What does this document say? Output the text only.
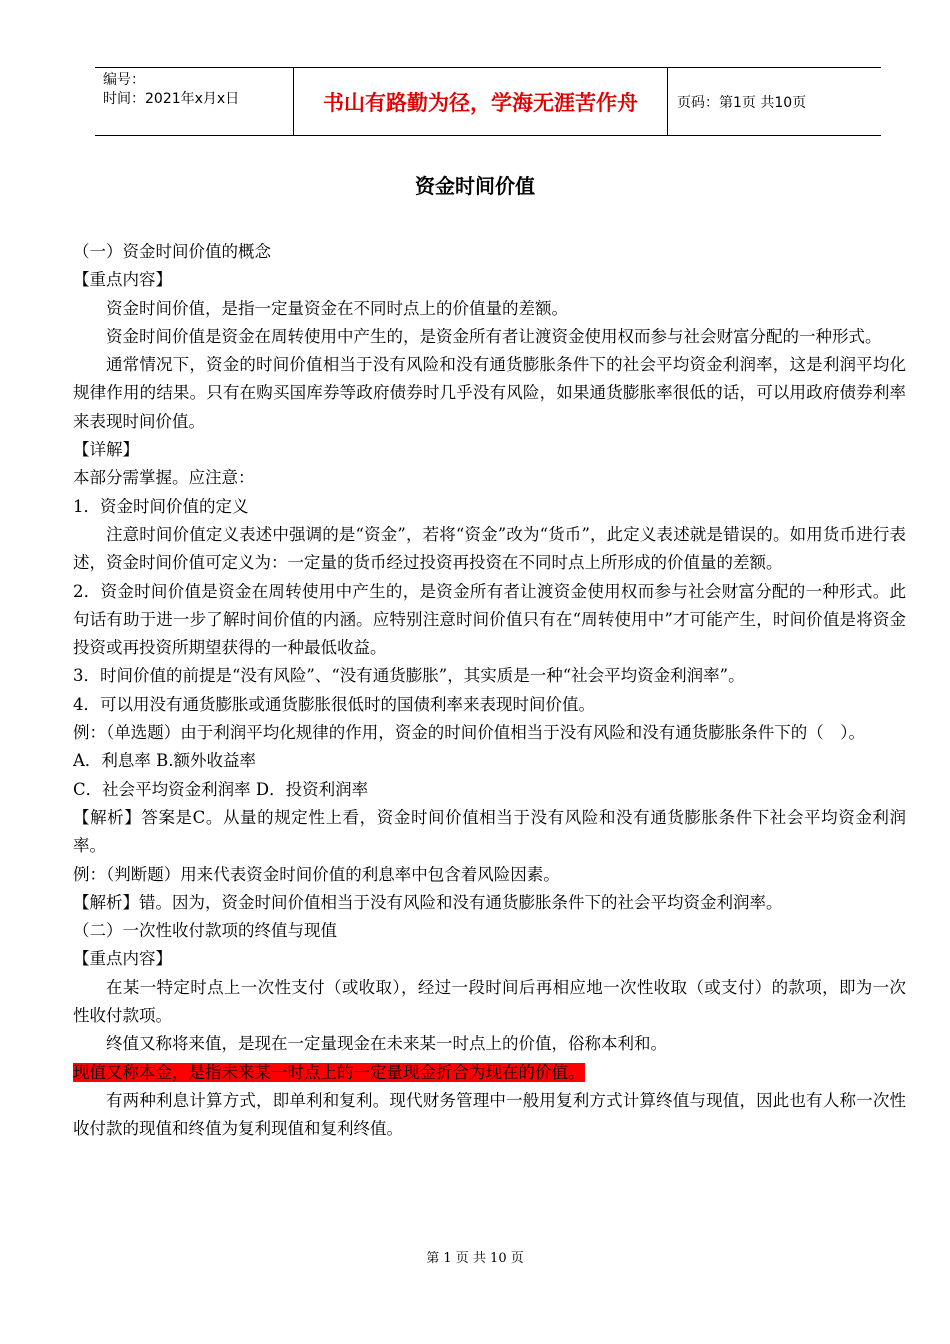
编号：
时间：2021年x月x日	书山有路勤为径，学海无涯苦作舟	页码：第1页 共10页
资金时间价值

（一）资金时间价值的概念

【重点内容】

资金时间价值，是指一定量资金在不同时点上的价值量的差额。

资金时间价值是资金在周转使用中产生的，是资金所有者让渡资金使用权而参与社会财富分配的一种形式。

通常情况下，资金的时间价值相当于没有风险和没有通货膨胀条件下的社会平均资金利润率，这是利润平均化规律作用的结果。只有在购买国库券等政府债券时几乎没有风险，如果通货膨胀率很低的话，可以用政府债券利率来表现时间价值。

【详解】

本部分需掌握。应注意：

1．资金时间价值的定义

注意时间价值定义表述中强调的是“资金”，若将“资金”改为“货币”，此定义表述就是错误的。如用货币进行表述，资金时间价值可定义为：一定量的货币经过投资再投资在不同时点上所形成的价值量的差额。

2．资金时间价值是资金在周转使用中产生的，是资金所有者让渡资金使用权而参与社会财富分配的一种形式。此句话有助于进一步了解时间价值的内涵。应特别注意时间价值只有在“周转使用中”才可能产生，时间价值是将资金投资或再投资所期望获得的一种最低收益。

3．时间价值的前提是“没有风险”、“没有通货膨胀”，其实质是一种“社会平均资金利润率”。

4．可以用没有通货膨胀或通货膨胀很低时的国债利率来表现时间价值。

例：（单选题）由于利润平均化规律的作用，资金的时间价值相当于没有风险和没有通货膨胀条件下的（　）。

A．利息率 B.额外收益率

C．社会平均资金利润率 D．投资利润率

【解析】答案是C。从量的规定性上看，资金时间价值相当于没有风险和没有通货膨胀条件下社会平均资金利润率。

例：（判断题）用来代表资金时间价值的利息率中包含着风险因素。

【解析】错。因为，资金时间价值相当于没有风险和没有通货膨胀条件下的社会平均资金利润率。

（二）一次性收付款项的终值与现值

【重点内容】

在某一特定时点上一次性支付（或收取），经过一段时间后再相应地一次性收取（或支付）的款项，即为一次性收付款项。

终值又称将来值，是现在一定量现金在未来某一时点上的价值，俗称本利和。

现值又称本金，是指未来某一时点上的一定量现金折合为现在的价值。

有两种利息计算方式，即单利和复利。现代财务管理中一般用复利方式计算终值与现值，因此也有人称一次性收付款的现值和终值为复利现值和复利终值。

第 1 页 共 10 页
